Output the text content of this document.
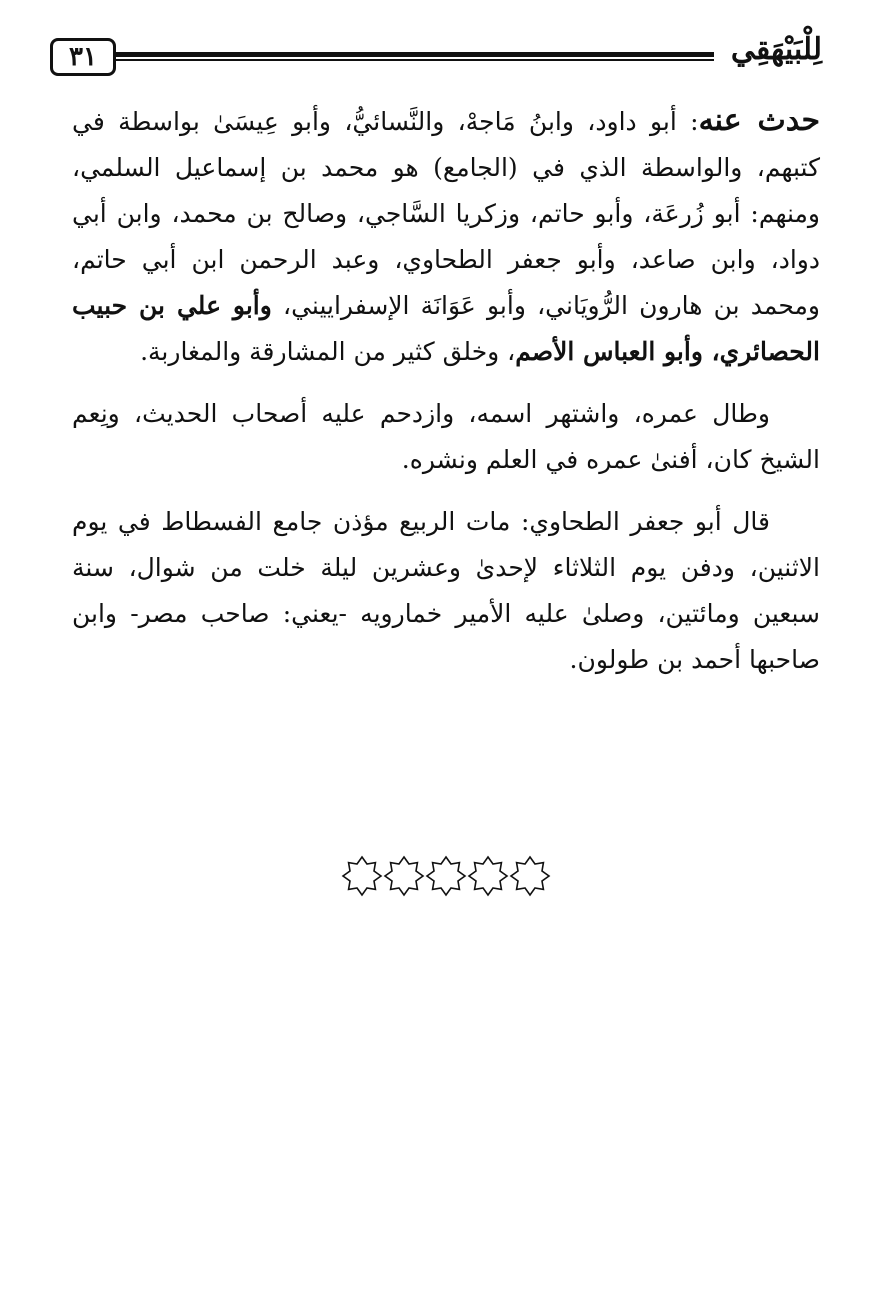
٣١	لِلْبَيْهَقِي

حدث عنه: أبو داود، وابنُ مَاجهْ، والنَّسائيُّ، وأبو عِيسَىٰ بواسطة في كتبهم، والواسطة الذي في (الجامع) هو محمد بن إسماعيل السلمي، ومنهم: أبو زُرعَة، وأبو حاتم، وزكريا السَّاجي، وصالح بن محمد، وابن أبي دواد، وابن صاعد، وأبو جعفر الطحاوي، وعبد الرحمن ابن أبي حاتم، ومحمد بن هارون الرُّويَاني، وأبو عَوَانَة الإسفراييني، وأبو علي بن حبيب الحصائري، وأبو العباس الأصم، وخلق كثير من المشارقة والمغاربة.

وطال عمره، واشتهر اسمه، وازدحم عليه أصحاب الحديث، ونِعم الشيخ كان، أفنىٰ عمره في العلم ونشره.

قال أبو جعفر الطحاوي: مات الربيع مؤذن جامع الفسطاط في يوم الاثنين، ودفن يوم الثلاثاء لإحدىٰ وعشرين ليلة خلت من شوال، سنة سبعين ومائتين، وصلىٰ عليه الأمير خمارويه -يعني: صاحب مصر- وابن صاحبها أحمد بن طولون.
